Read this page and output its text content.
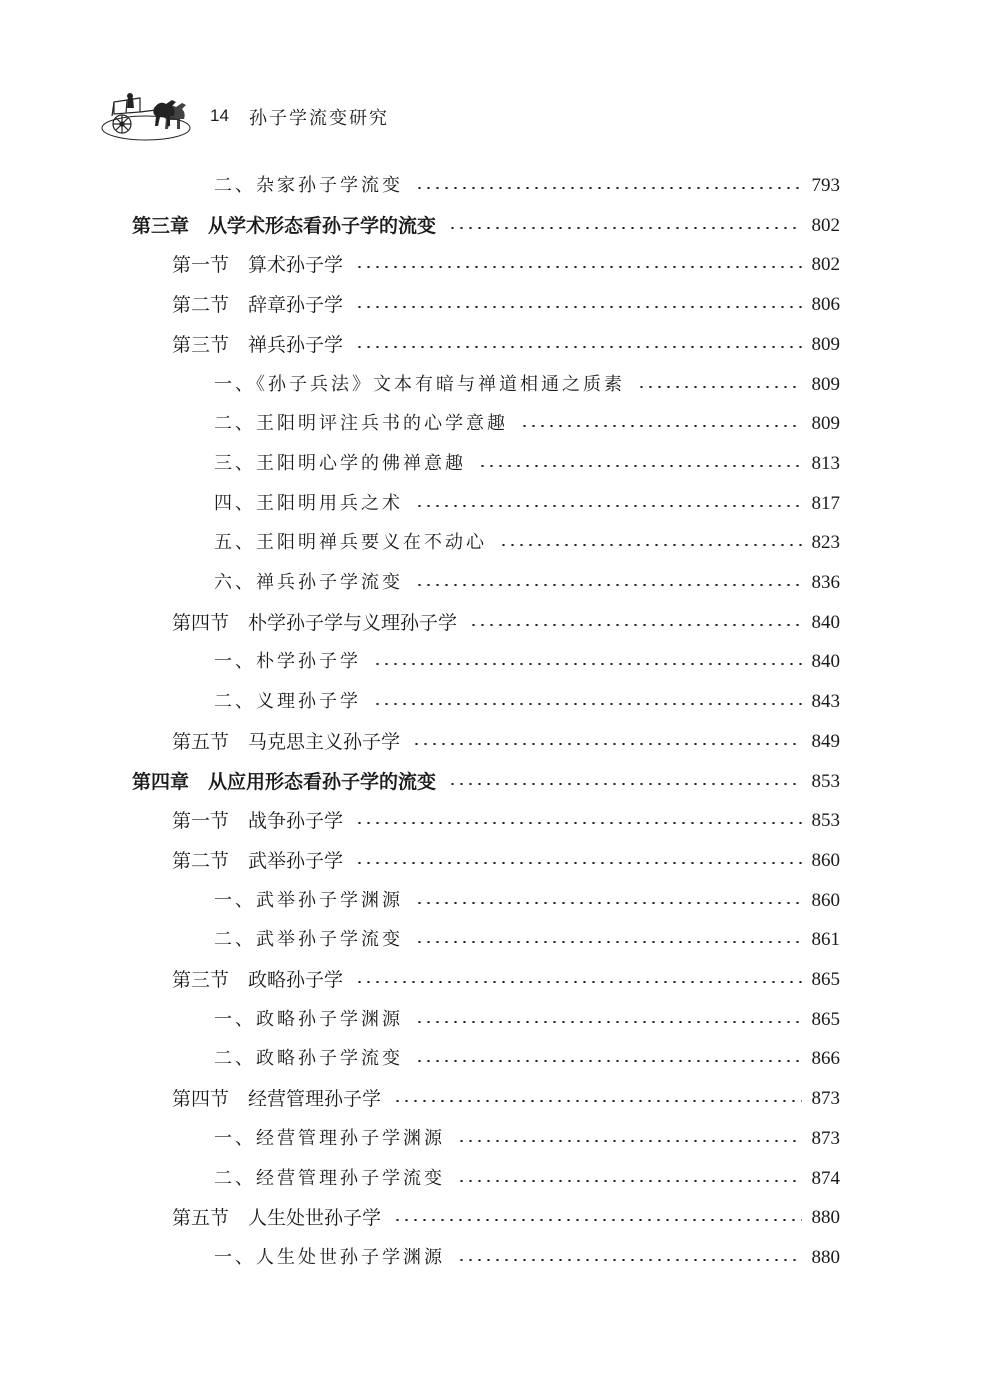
14 孙子学流变研究
二、杂家孙子学流变	793
第三章　从学术形态看孙子学的流变	802
第一节　算术孙子学	802
第二节　辞章孙子学	806
第三节　禅兵孙子学	809
一、《孙子兵法》文本有暗与禅道相通之质素	809
二、王阳明评注兵书的心学意趣	809
三、王阳明心学的佛禅意趣	813
四、王阳明用兵之术	817
五、王阳明禅兵要义在不动心	823
六、禅兵孙子学流变	836
第四节　朴学孙子学与义理孙子学	840
一、朴学孙子学	840
二、义理孙子学	843
第五节　马克思主义孙子学	849
第四章　从应用形态看孙子学的流变	853
第一节　战争孙子学	853
第二节　武举孙子学	860
一、武举孙子学渊源	860
二、武举孙子学流变	861
第三节　政略孙子学	865
一、政略孙子学渊源	865
二、政略孙子学流变	866
第四节　经营管理孙子学	873
一、经营管理孙子学渊源	873
二、经营管理孙子学流变	874
第五节　人生处世孙子学	880
一、人生处世孙子学渊源	880
